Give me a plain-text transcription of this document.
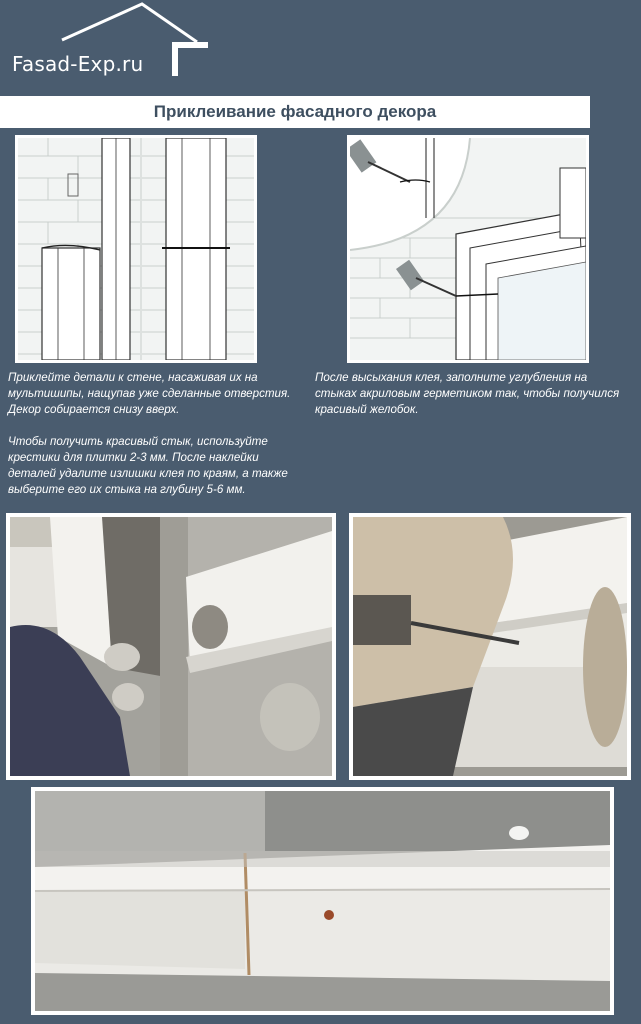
Fasad-Exp.ru
Приклеивание фасадного декора

Приклейте детали к стене, насаживая их на мультишипы, нащупав уже сделанные отверстия. Декор собирается снизу вверх.

Чтобы получить красивый стык, используйте крестики для плитки 2-3 мм. После наклейки деталей удалите излишки клея по краям, а также выберите его их стыка на глубину 5-6 мм.

После высыхания клея, заполните углубления на стыках акриловым герметиком так, чтобы получился красивый желобок.
